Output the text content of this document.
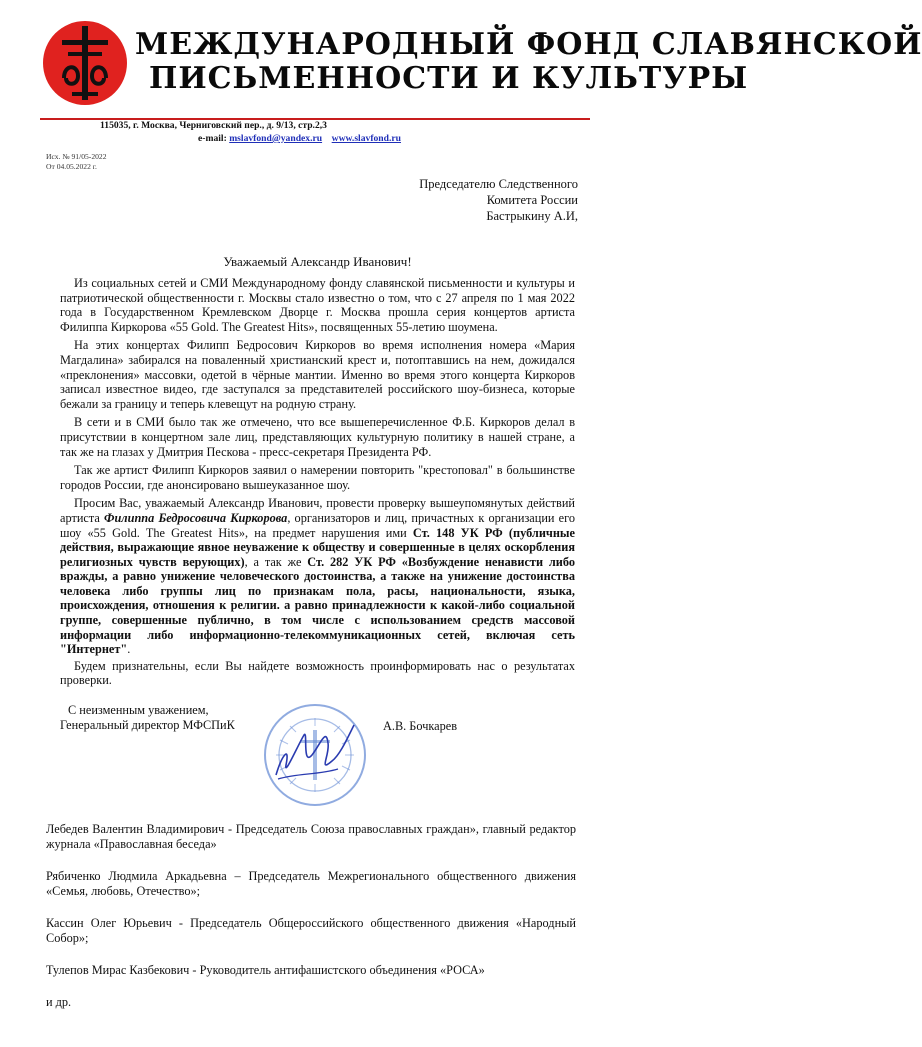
МЕЖДУНАРОДНЫЙ ФОНД СЛАВЯНСКОЙ
ПИСЬМЕННОСТИ И КУЛЬТУРЫ
115035, г. Москва, Черниговский пер., д. 9/13, стр.2,3
e-mail: mslavfond@yandex.ru www.slavfond.ru
Исх. № 91/05-2022
От 04.05.2022 г.
Председателю Следственного
Комитета России
Бастрыкину А.И,
Уважаемый Александр Иванович!

Из социальных сетей и СМИ Международному фонду славянской письменности и культуры и патриотической общественности г. Москвы стало известно о том, что с 27 апреля по 1 мая 2022 года в Государственном Кремлевском Дворце г. Москва прошла серия концертов артиста Филиппа Киркорова «55 Gold. The Greatest Hits», посвященных 55-летию шоумена.

На этих концертах Филипп Бедросович Киркоров во время исполнения номера «Мария Магдалина» забирался на поваленный христианский крест и, потоптавшись на нем, дожидался «преклонения» массовки, одетой в чёрные мантии. Именно во время этого концерта Киркоров записал известное видео, где заступался за представителей российского шоу-бизнеса, которые бежали за границу и теперь клевещут на родную страну.

В сети и в СМИ было так же отмечено, что все вышеперечисленное Ф.Б. Киркоров делал в присутствии в концертном зале лиц, представляющих культурную политику в нашей стране, а так же на глазах у Дмитрия Пескова - пресс-секретаря Президента РФ.

Так же артист Филипп Киркоров заявил о намерении повторить "крестоповал" в большинстве городов России, где анонсировано вышеуказанное шоу.

Просим Вас, уважаемый Александр Иванович, провести проверку вышеупомянутых действий артиста Филиппа Бедросовича Киркорова, организаторов и лиц, причастных к организации его шоу «55 Gold. The Greatest Hits», на предмет нарушения ими Ст. 148 УК РФ (публичные действия, выражающие явное неуважение к обществу и совершенные в целях оскорбления религиозных чувств верующих), а так же Ст. 282 УК РФ «Возбуждение ненависти либо вражды, а равно унижение человеческого достоинства, а также на унижение достоинства человека либо группы лиц по признакам пола, расы, национальности, языка, происхождения, отношения к религии. а равно принадлежности к какой-либо социальной группе, совершенные публично, в том числе с использованием средств массовой информации либо информационно-телекоммуникационных сетей, включая сеть "Интернет".

Будем признательны, если Вы найдете возможность проинформировать нас о результатах проверки.

С неизменным уважением,
Генеральный директор МФСПиК	А.В. Бочкарев
Лебедев Валентин Владимирович - Председатель Союза православных граждан», главный редактор журнала «Православная беседа»
Рябиченко Людмила Аркадьевна – Председатель Межрегионального общественного движения «Семья, любовь, Отечество»;
Кассин Олег Юрьевич - Председатель Общероссийского общественного движения «Народный Собор»;
Тулепов Мирас Казбекович - Руководитель антифашистского объединения «РОСА»
и др.
